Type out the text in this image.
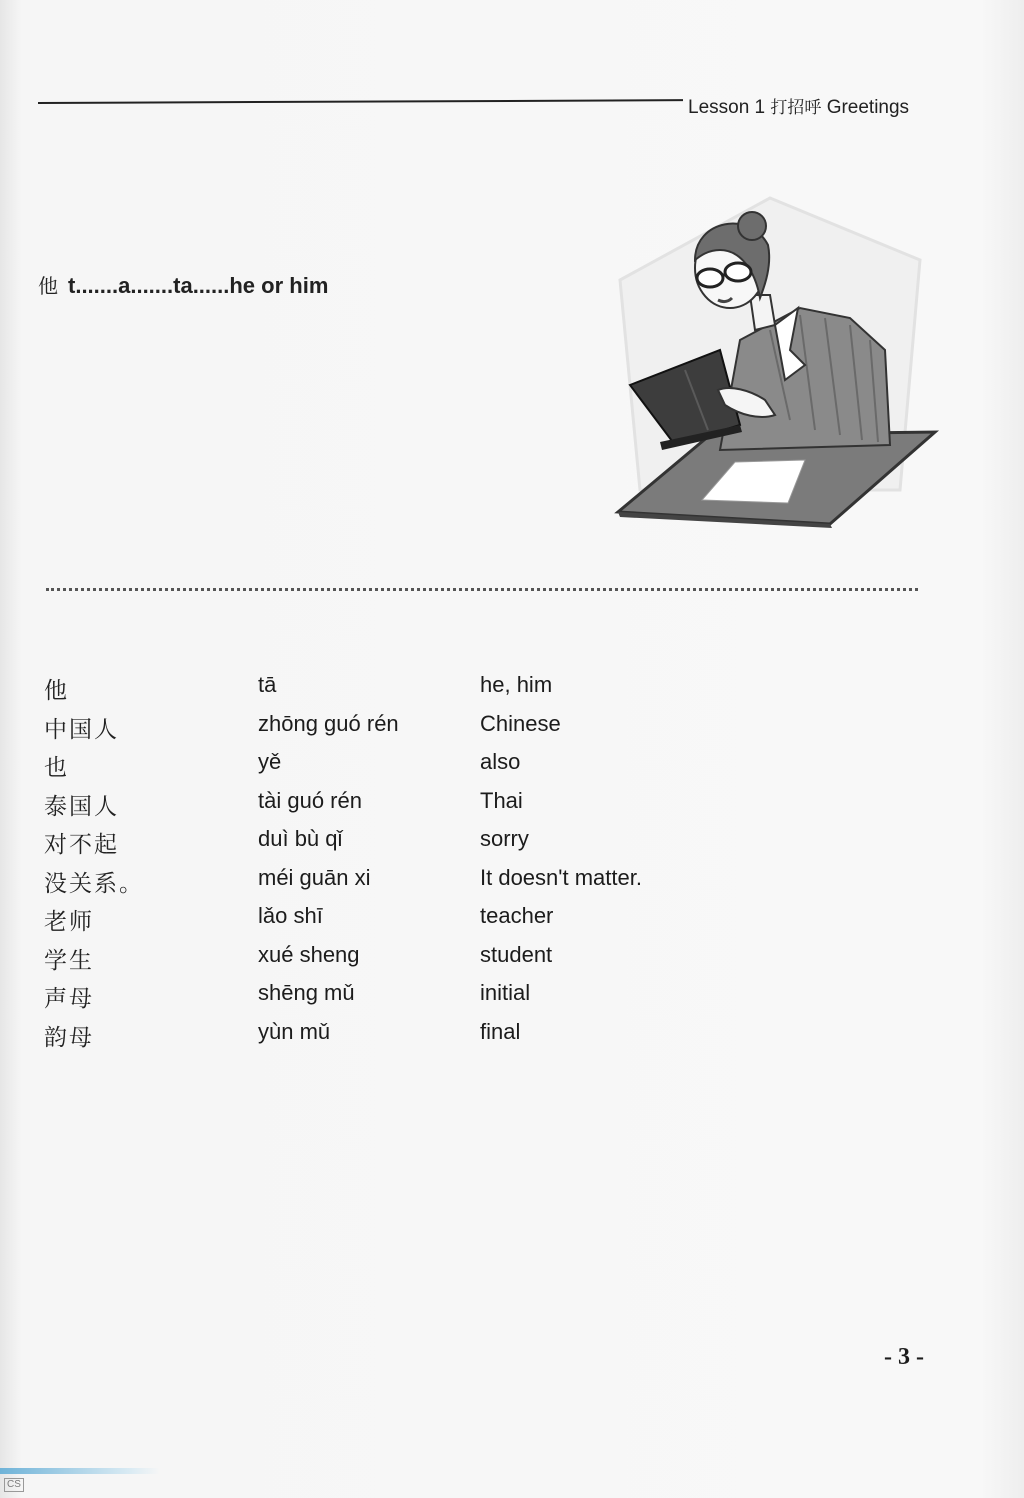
Lesson 1 打招呼 Greetings
他 t.......a.......ta......he or him
他	tā	he, him
中国人	zhōng guó rén	Chinese
也	yě	also
泰国人	tài guó rén	Thai
对不起	duì bù qǐ	sorry
没关系。	méi guān xi	It doesn't matter.
老师	lǎo shī	teacher
学生	xué sheng	student
声母	shēng mǔ	initial
韵母	yùn mǔ	final
- 3 -
CS
